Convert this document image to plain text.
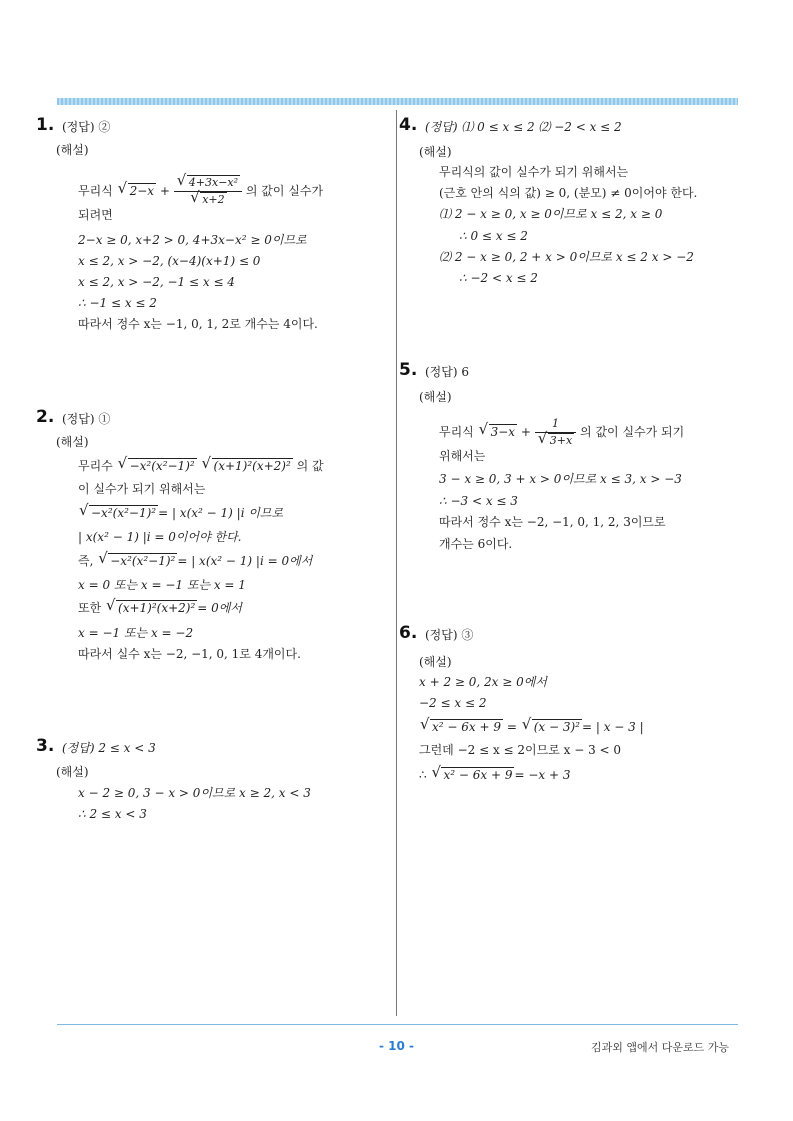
1. (정답) ②
(해설)
무리식 √ 2−x + √ 4+3x−x²
√ x+2 의 값이 실수가
되려면
2−x ≥ 0, x+2 > 0, 4+3x−x² ≥ 0이므로
x ≤ 2, x > −2, (x−4)(x+1) ≤ 0
x ≤ 2, x > −2, −1 ≤ x ≤ 4
∴ −1 ≤ x ≤ 2
따라서 정수 x는 −1, 0, 1, 2로 개수는 4이다.
2. (정답) ①
(해설)
무리수 √ −x²(x²−1)² √ (x+1)²(x+2)² 의 값
이 실수가 되기 위해서는
√ −x²(x²−1)² = | x(x² − 1) |i 이므로
| x(x² − 1) |i = 0이어야 한다.
즉, √ −x²(x²−1)² = | x(x² − 1) |i = 0에서
x = 0 또는 x = −1 또는 x = 1
또한 √ (x+1)²(x+2)² = 0에서
x = −1 또는 x = −2
따라서 실수 x는 −2, −1, 0, 1로 4개이다.
3. (정답) 2 ≤ x < 3
(해설)
x − 2 ≥ 0, 3 − x > 0이므로 x ≥ 2, x < 3
∴ 2 ≤ x < 3
4. (정답) ⑴ 0 ≤ x ≤ 2 ⑵ −2 < x ≤ 2
(해설)
무리식의 값이 실수가 되기 위해서는
(근호 안의 식의 값) ≥ 0, (분모) ≠ 0이어야 한다.
⑴ 2 − x ≥ 0, x ≥ 0이므로 x ≤ 2, x ≥ 0
∴ 0 ≤ x ≤ 2
⑵ 2 − x ≥ 0, 2 + x > 0이므로 x ≤ 2 x > −2
∴ −2 < x ≤ 2
5. (정답) 6
(해설)
무리식 √ 3−x + 1
√ 3+x 의 값이 실수가 되기
위해서는
3 − x ≥ 0, 3 + x > 0이므로 x ≤ 3, x > −3
∴ −3 < x ≤ 3
따라서 정수 x는 −2, −1, 0, 1, 2, 3이므로
개수는 6이다.
6. (정답) ③
(해설)
x + 2 ≥ 0, 2x ≥ 0에서
−2 ≤ x ≤ 2
√ x² − 6x + 9 = √ (x − 3)² = | x − 3 |
그런데 −2 ≤ x ≤ 2이므로 x − 3 < 0
∴ √ x² − 6x + 9 = −x + 3
- 10 -	김과외 앱에서 다운로드 가능
